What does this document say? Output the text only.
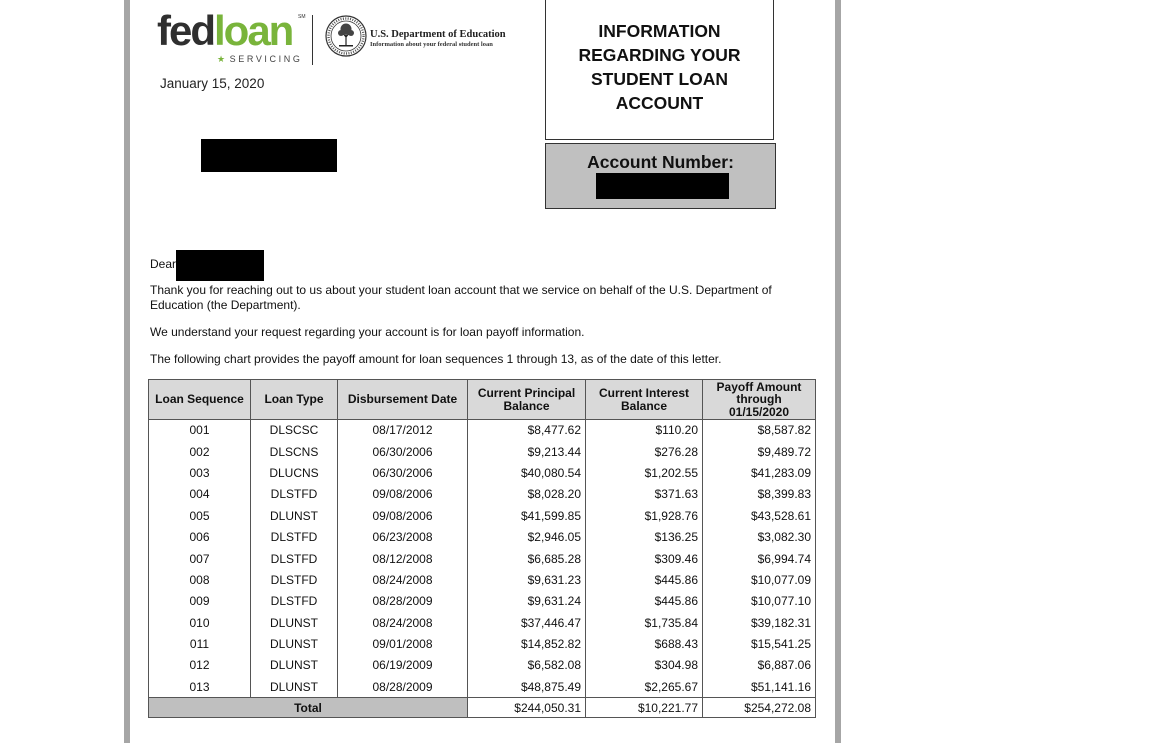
fedloan SM
★ SERVICING
U.S. Department of Education
Information about your federal student loan
January 15, 2020
INFORMATION
REGARDING YOUR
STUDENT LOAN
ACCOUNT
Account Number:
Dear
Thank you for reaching out to us about your student loan account that we service on behalf of the U.S. Department of Education (the Department).
We understand your request regarding your account is for loan payoff information.
The following chart provides the payoff amount for loan sequences 1 through 13, as of the date of this letter.
Loan Sequence	Loan Type	Disbursement Date	Current Principal Balance	Current Interest Balance	Payoff Amount through 01/15/2020
001	DLSCSC	08/17/2012	$8,477.62	$110.20	$8,587.82
002	DLSCNS	06/30/2006	$9,213.44	$276.28	$9,489.72
003	DLUCNS	06/30/2006	$40,080.54	$1,202.55	$41,283.09
004	DLSTFD	09/08/2006	$8,028.20	$371.63	$8,399.83
005	DLUNST	09/08/2006	$41,599.85	$1,928.76	$43,528.61
006	DLSTFD	06/23/2008	$2,946.05	$136.25	$3,082.30
007	DLSTFD	08/12/2008	$6,685.28	$309.46	$6,994.74
008	DLSTFD	08/24/2008	$9,631.23	$445.86	$10,077.09
009	DLSTFD	08/28/2009	$9,631.24	$445.86	$10,077.10
010	DLUNST	08/24/2008	$37,446.47	$1,735.84	$39,182.31
011	DLUNST	09/01/2008	$14,852.82	$688.43	$15,541.25
012	DLUNST	06/19/2009	$6,582.08	$304.98	$6,887.06
013	DLUNST	08/28/2009	$48,875.49	$2,265.67	$51,141.16
Total			$244,050.31	$10,221.77	$254,272.08
